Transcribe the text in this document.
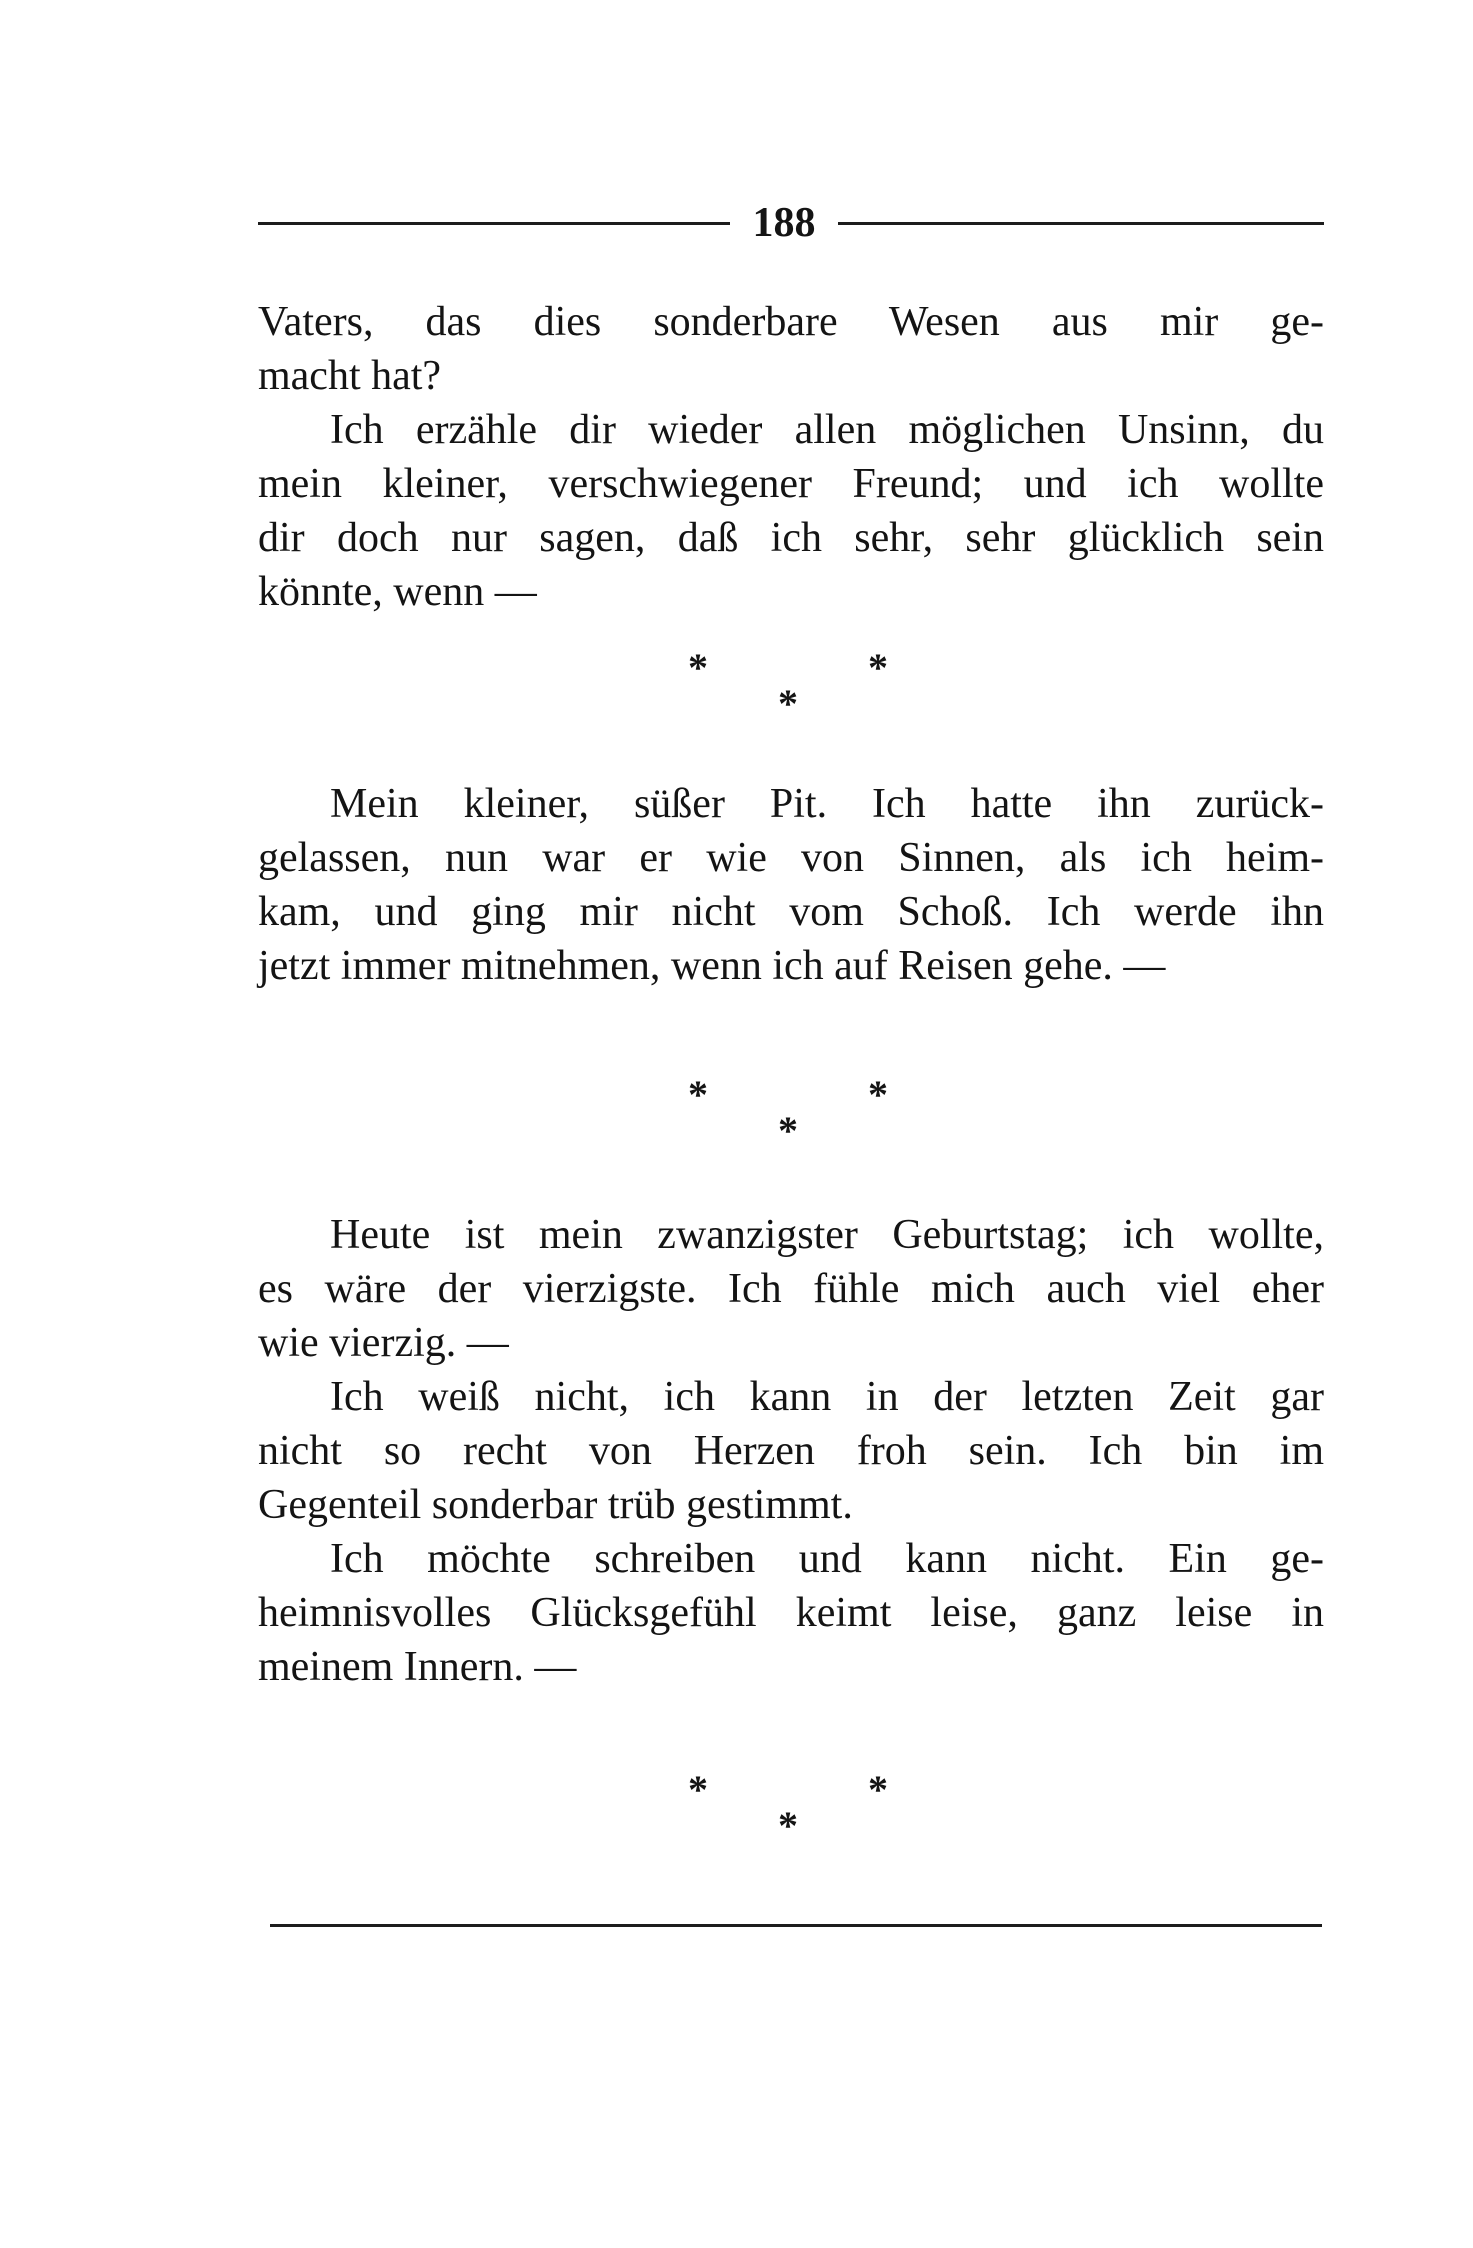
188

Vaters, das dies sonderbare Wesen aus mir ge-
macht hat?

Ich erzähle dir wieder allen möglichen Unsinn, du
mein kleiner, verschwiegener Freund; und ich wollte
dir doch nur sagen, daß ich sehr, sehr glücklich sein
könnte, wenn —

*	*
*

Mein kleiner, süßer Pit. Ich hatte ihn zurück-
gelassen, nun war er wie von Sinnen, als ich heim-
kam, und ging mir nicht vom Schoß. Ich werde ihn
jetzt immer mitnehmen, wenn ich auf Reisen gehe. —

*	*
*

Heute ist mein zwanzigster Geburtstag; ich wollte,
es wäre der vierzigste. Ich fühle mich auch viel eher
wie vierzig. —

Ich weiß nicht, ich kann in der letzten Zeit gar
nicht so recht von Herzen froh sein. Ich bin im
Gegenteil sonderbar trüb gestimmt.

Ich möchte schreiben und kann nicht. Ein ge-
heimnisvolles Glücksgefühl keimt leise, ganz leise in
meinem Innern. —

*	*
*
